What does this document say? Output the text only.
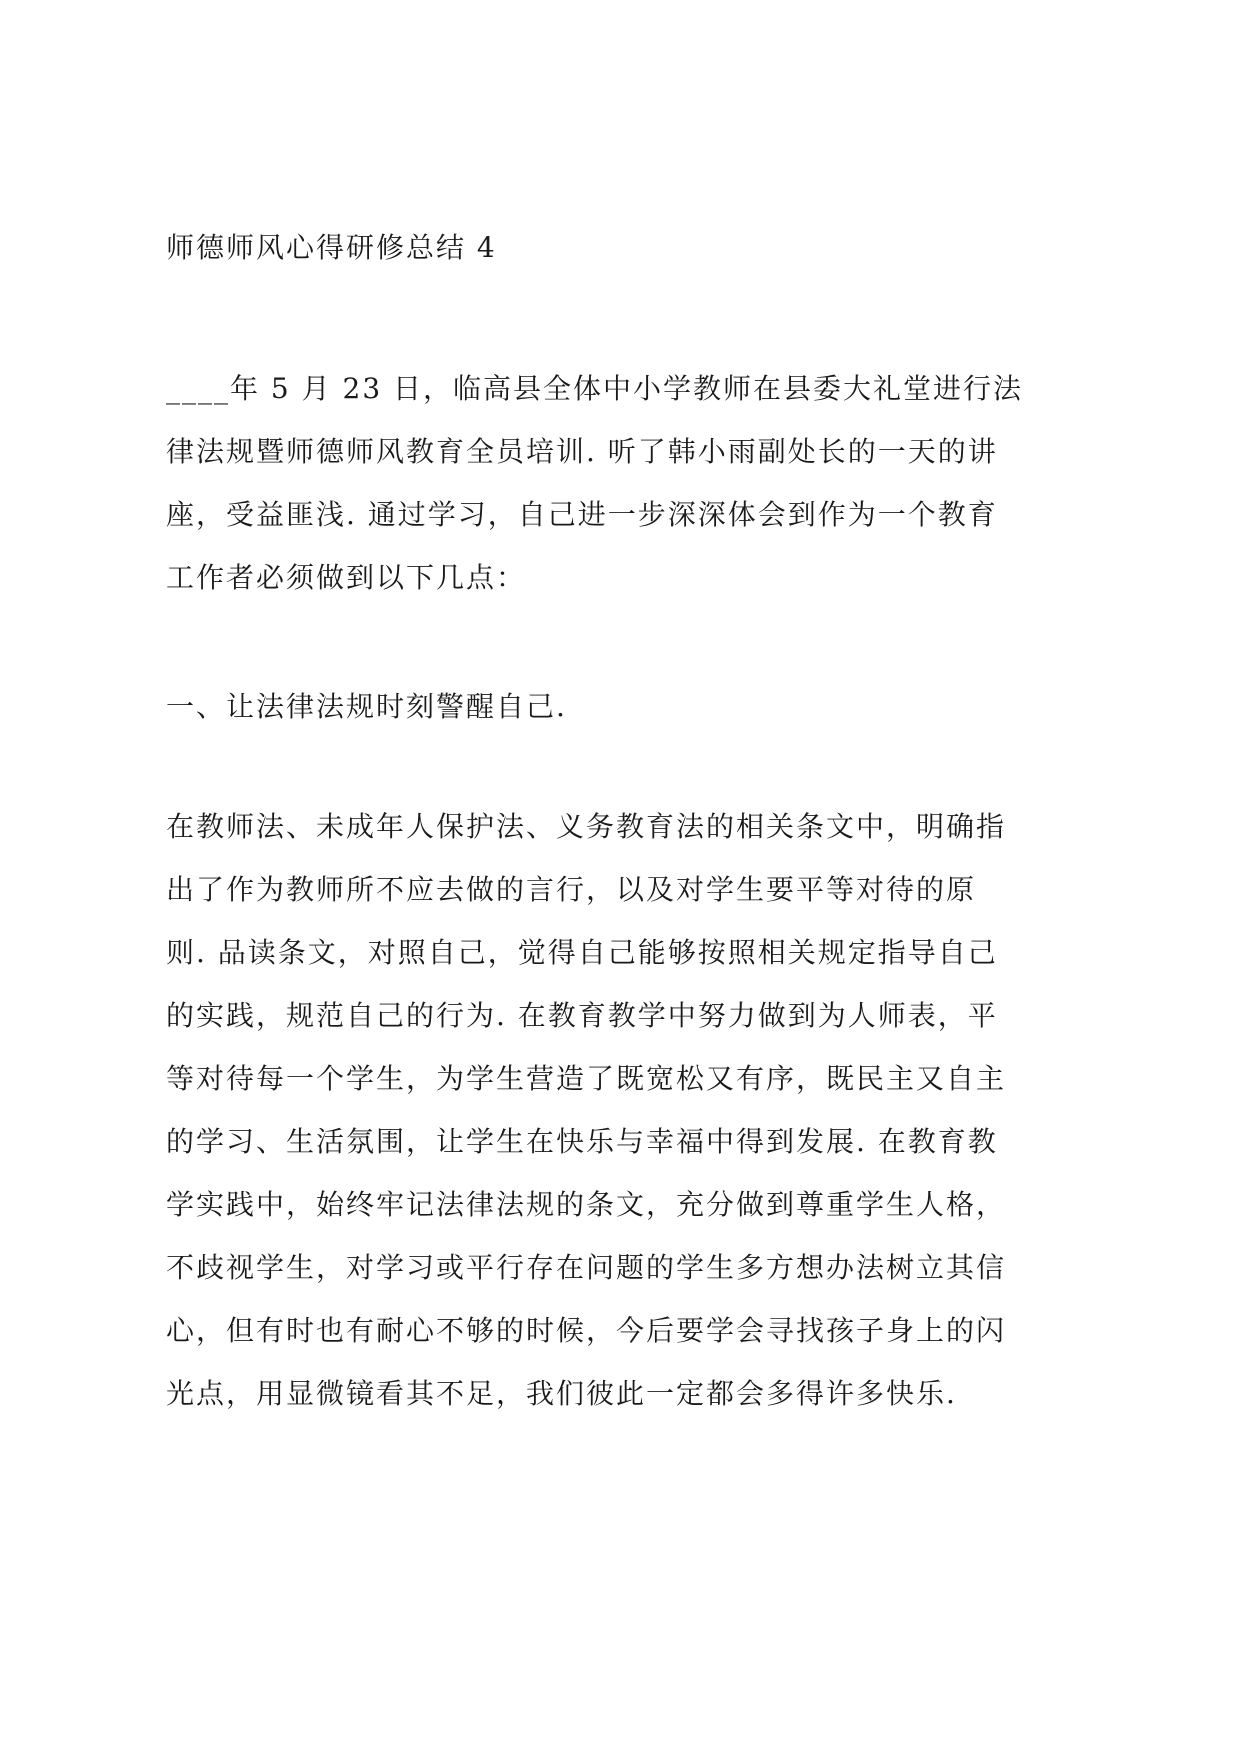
师德师风心得研修总结 4
____年 5 月 23 日，临高县全体中小学教师在县委大礼堂进行法
律法规暨师德师风教育全员培训. 听了韩小雨副处长的一天的讲
座，受益匪浅. 通过学习，自己进一步深深体会到作为一个教育
工作者必须做到以下几点：
一、让法律法规时刻警醒自己.
在教师法、未成年人保护法、义务教育法的相关条文中，明确指
出了作为教师所不应去做的言行，以及对学生要平等对待的原
则. 品读条文，对照自己，觉得自己能够按照相关规定指导自己
的实践，规范自己的行为. 在教育教学中努力做到为人师表，平
等对待每一个学生，为学生营造了既宽松又有序，既民主又自主
的学习、生活氛围，让学生在快乐与幸福中得到发展. 在教育教
学实践中，始终牢记法律法规的条文，充分做到尊重学生人格，
不歧视学生，对学习或平行存在问题的学生多方想办法树立其信
心，但有时也有耐心不够的时候，今后要学会寻找孩子身上的闪
光点，用显微镜看其不足，我们彼此一定都会多得许多快乐.
